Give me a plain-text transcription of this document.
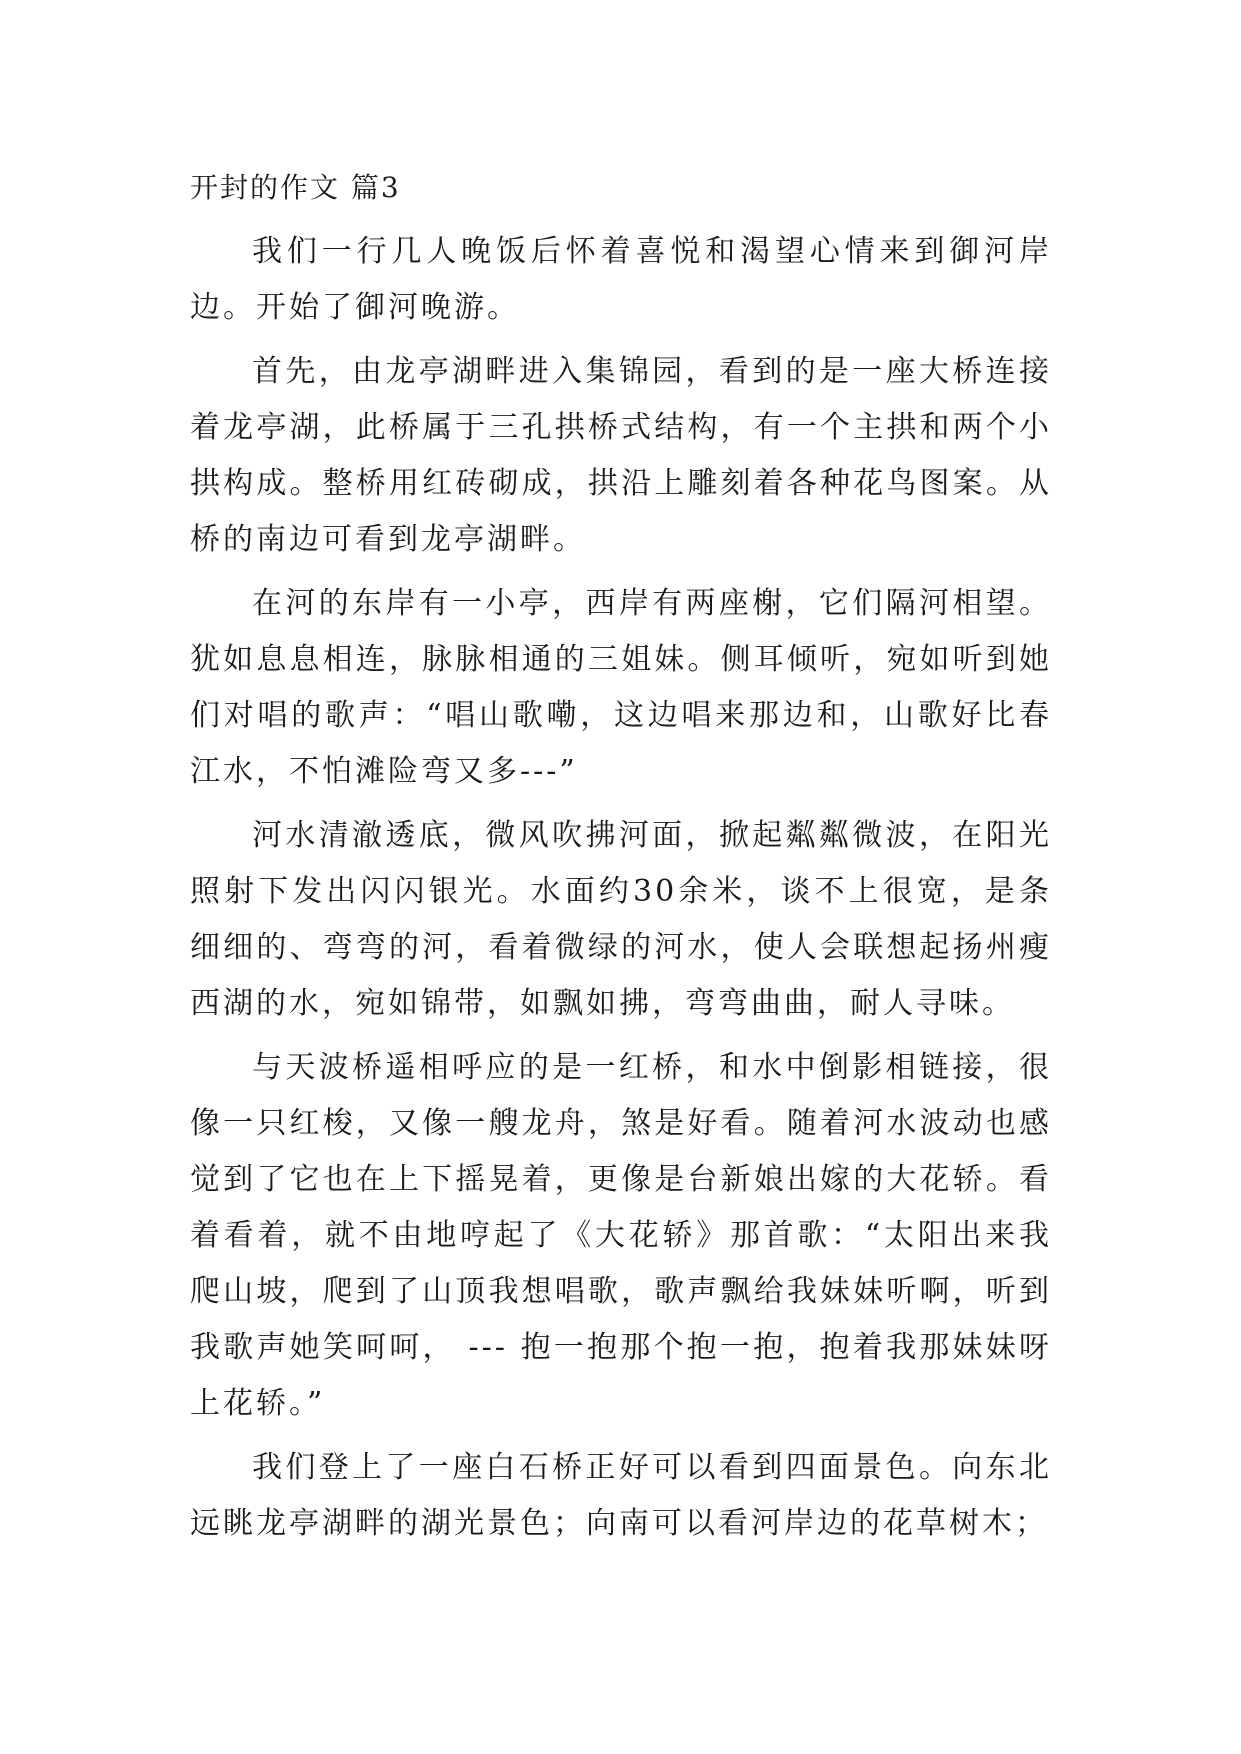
开封的作文 篇3

我们一行几人晚饭后怀着喜悦和渴望心情来到御河岸边。开始了御河晚游。

首先，由龙亭湖畔进入集锦园，看到的是一座大桥连接着龙亭湖，此桥属于三孔拱桥式结构，有一个主拱和两个小拱构成。整桥用红砖砌成，拱沿上雕刻着各种花鸟图案。从桥的南边可看到龙亭湖畔。

在河的东岸有一小亭，西岸有两座榭，它们隔河相望。犹如息息相连，脉脉相通的三姐妹。侧耳倾听，宛如听到她们对唱的歌声：“唱山歌嘞，这边唱来那边和，山歌好比春江水，不怕滩险弯又多---”

河水清澈透底，微风吹拂河面，掀起粼粼微波，在阳光照射下发出闪闪银光。水面约30余米，谈不上很宽，是条细细的、弯弯的河，看着微绿的河水，使人会联想起扬州瘦西湖的水，宛如锦带，如飘如拂，弯弯曲曲，耐人寻味。

与天波桥遥相呼应的是一红桥，和水中倒影相链接，很像一只红梭，又像一艘龙舟，煞是好看。随着河水波动也感觉到了它也在上下摇晃着，更像是台新娘出嫁的大花轿。看着看着，就不由地哼起了《大花轿》那首歌：“太阳出来我爬山坡，爬到了山顶我想唱歌，歌声飘给我妹妹听啊，听到我歌声她笑呵呵， --- 抱一抱那个抱一抱，抱着我那妹妹呀上花轿。”

我们登上了一座白石桥正好可以看到四面景色。向东北远眺龙亭湖畔的湖光景色；向南可以看河岸边的花草树木；
